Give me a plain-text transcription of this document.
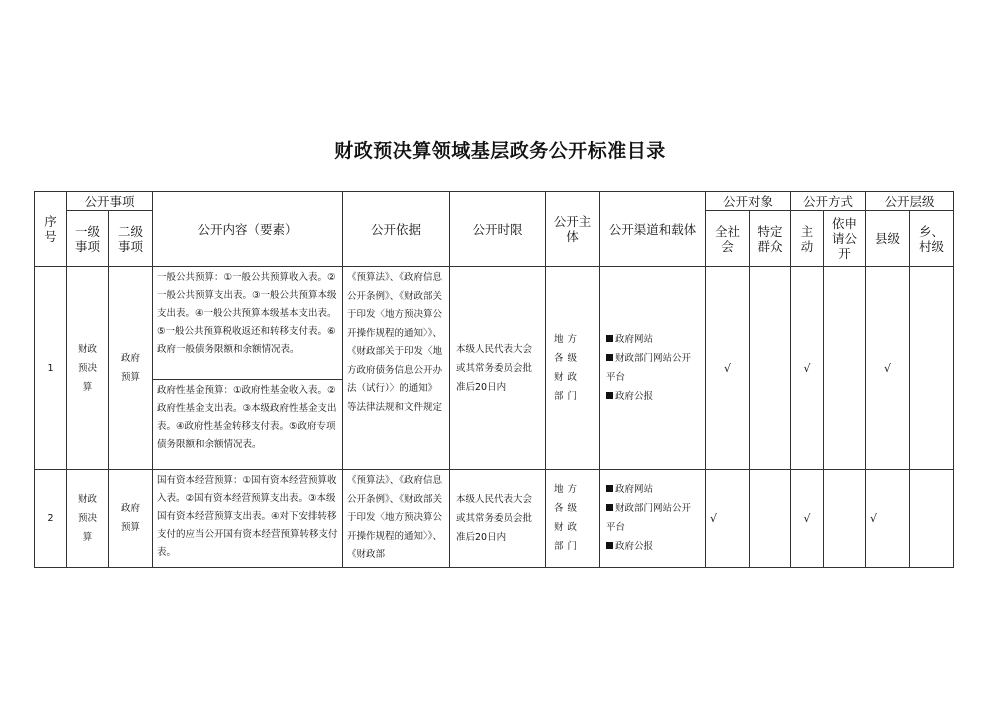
财政预决算领域基层政务公开标准目录
序号	公开事项		公开内容（要素）	公开依据	公开时限	公开主体	公开渠道和载体	公开对象		公开方式		公开层级	
	一级事项	二级事项						全社会	特定群众	主动	依申请公开	县级	乡、村级
1	财政预决算	政府预算	一般公共预算：①一般公共预算收入表。②一般公共预算支出表。③一般公共预算本级支出表。④一般公共预算本级基本支出表。⑤一般公共预算税收返还和转移支付表。⑥政府一般债务限额和余额情况表。	《预算法》、《政府信息公开条例》、《财政部关于印发〈地方预决算公开操作规程的通知〉》、《财政部关于印发〈地方政府债务信息公开办法（试行）〉的通知》等法律法规和文件规定	本级人民代表大会或其常务委员会批准后20日内	地方各级财政部门	政府网站
财政部门网站公开平台
政府公报	√		√		√	
			政府性基金预算：①政府性基金收入表。②政府性基金支出表。③本级政府性基金支出表。④政府性基金转移支付表。⑤政府专项债务限额和余额情况表。										
2	财政预决算	政府预算	国有资本经营预算：①国有资本经营预算收入表。②国有资本经营预算支出表。③本级国有资本经营预算支出表。④对下安排转移支付的应当公开国有资本经营预算转移支付表。	《预算法》、《政府信息公开条例》、《财政部关于印发〈地方预决算公开操作规程的通知〉》、《财政部	本级人民代表大会或其常务委员会批准后20日内	地方各级财政部门	政府网站
财政部门网站公开平台
政府公报	√		√		√	
